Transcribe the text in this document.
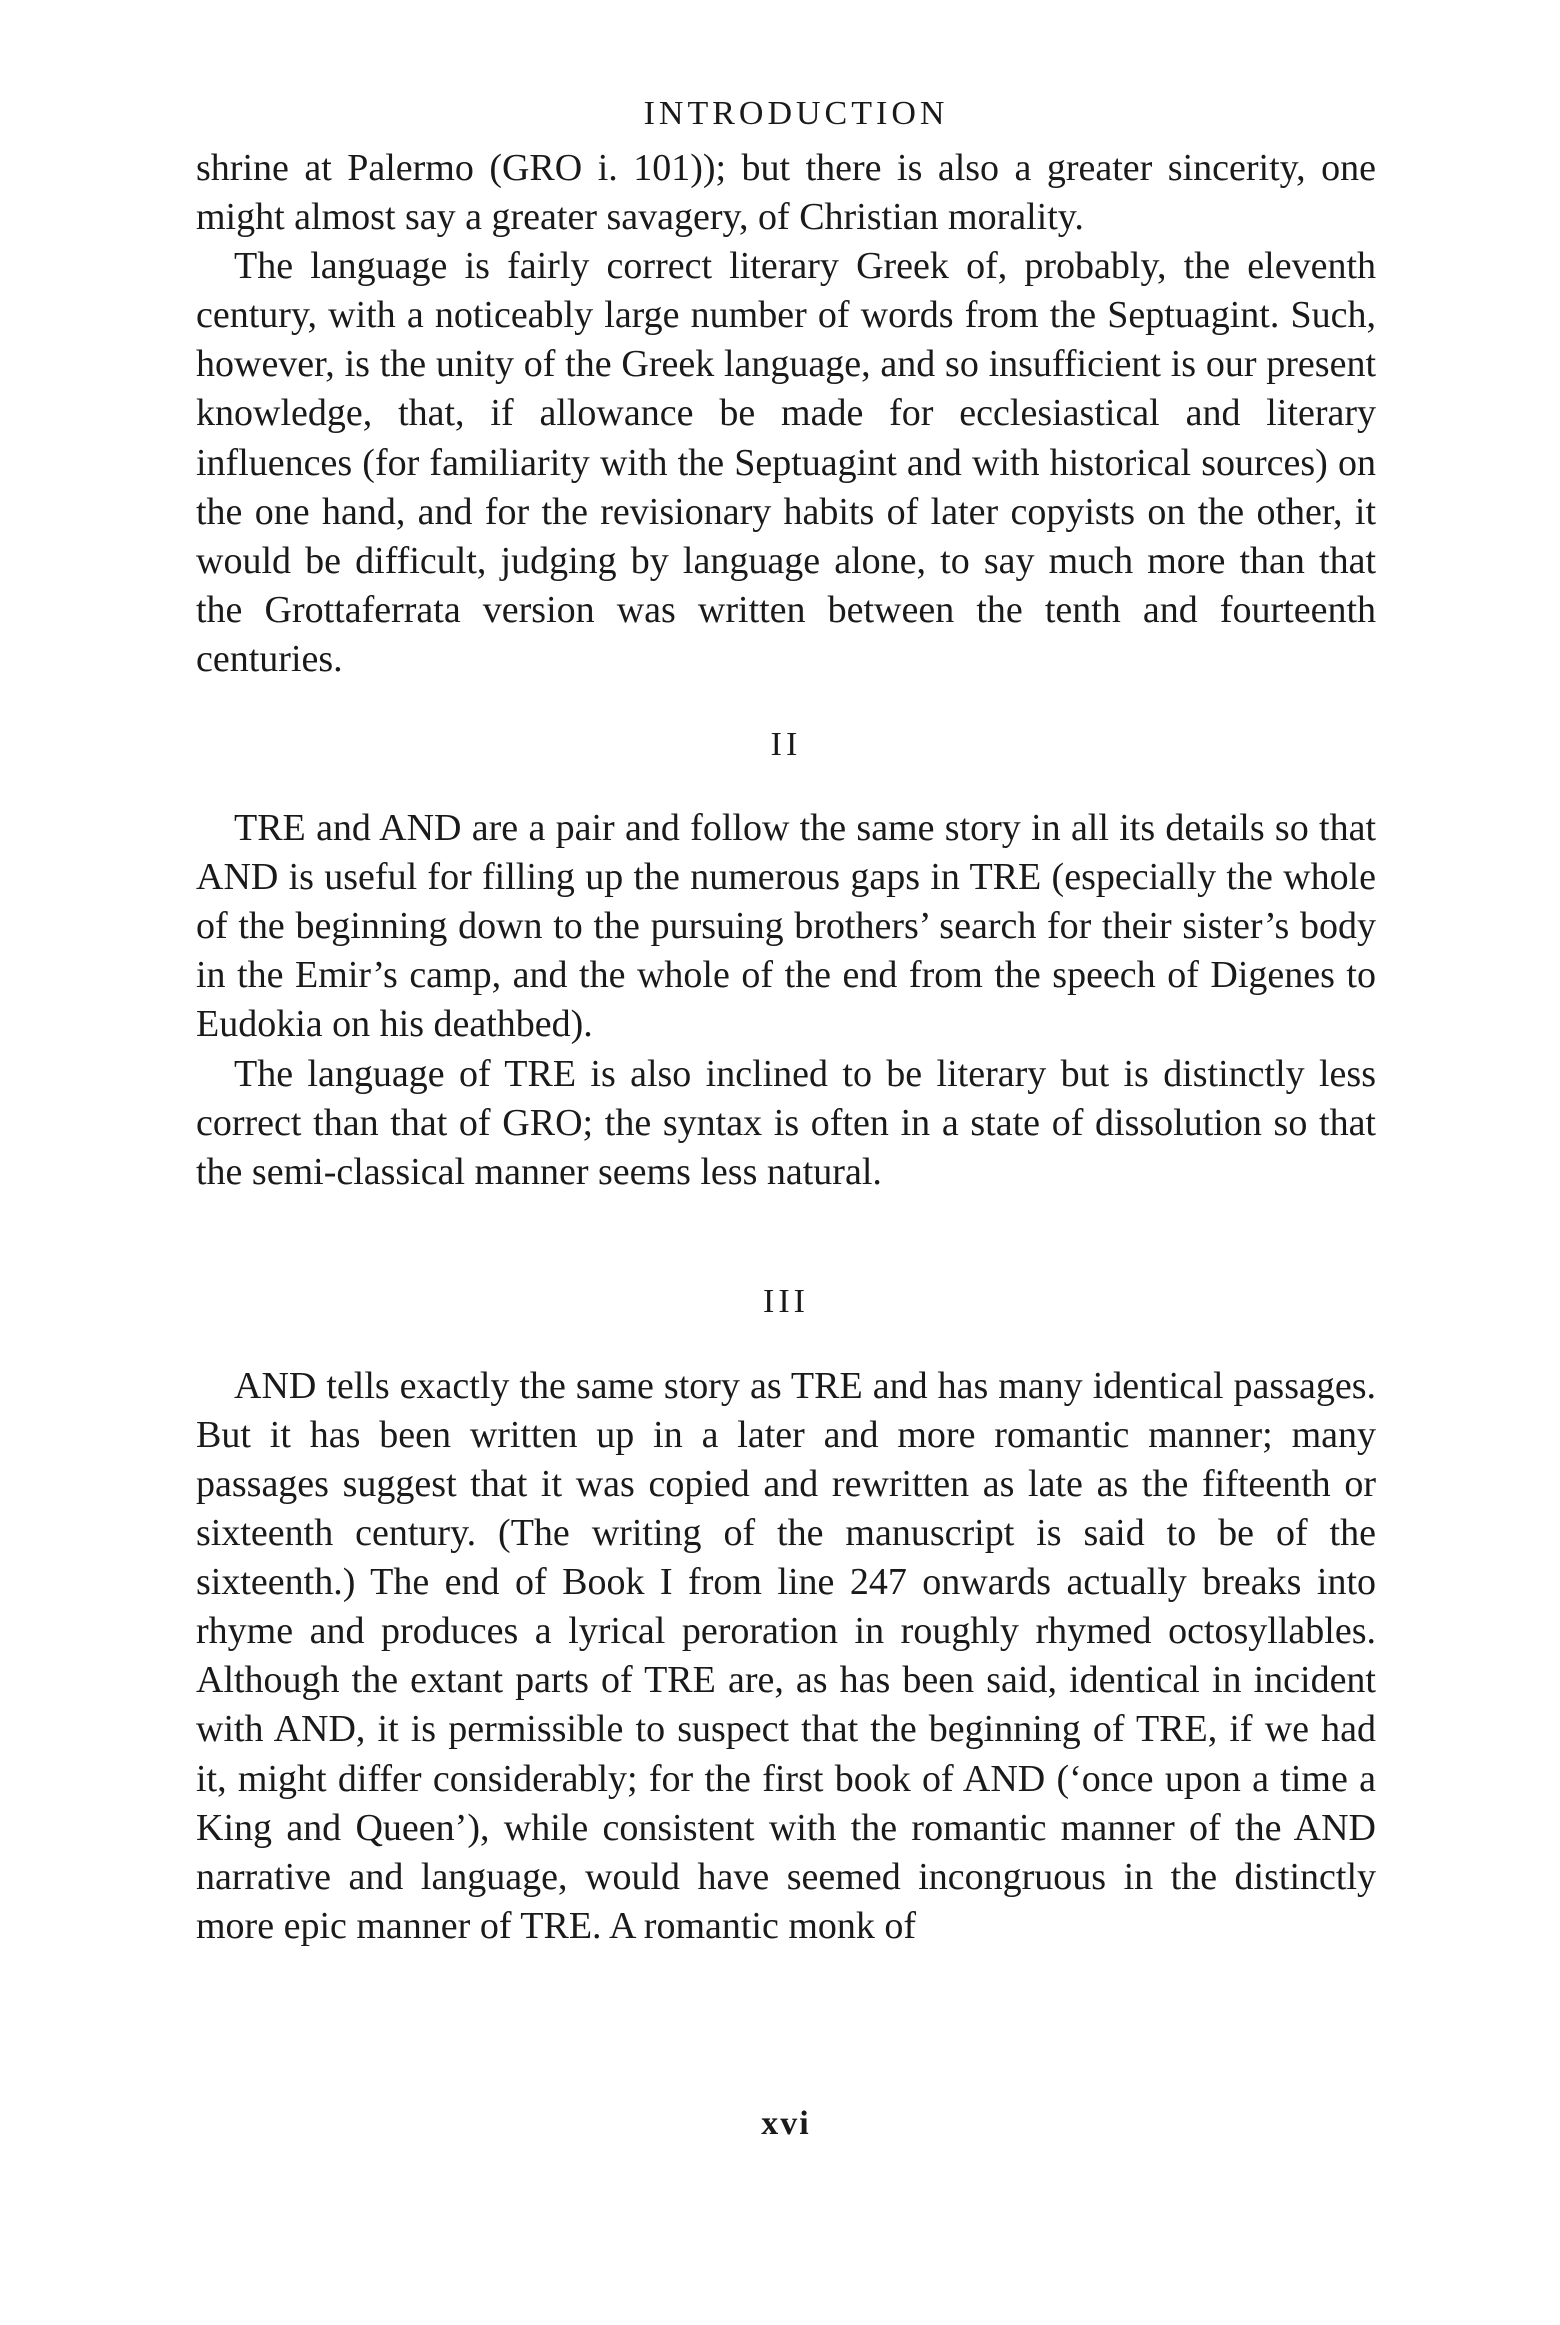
INTRODUCTION

shrine at Palermo (GRO i. 101)); but there is also a greater sincerity, one might almost say a greater savagery, of Christian morality.

The language is fairly correct literary Greek of, probably, the eleventh century, with a noticeably large number of words from the Septuagint. Such, however, is the unity of the Greek language, and so insufficient is our present knowledge, that, if allowance be made for ecclesiastical and literary influences (for familiarity with the Septuagint and with historical sources) on the one hand, and for the revisionary habits of later copyists on the other, it would be difficult, judging by language alone, to say much more than that the Grottaferrata version was written between the tenth and fourteenth centuries.

II

TRE and AND are a pair and follow the same story in all its details so that AND is useful for filling up the numerous gaps in TRE (especially the whole of the beginning down to the pursuing brothers’ search for their sister’s body in the Emir’s camp, and the whole of the end from the speech of Digenes to Eudokia on his deathbed).

The language of TRE is also inclined to be literary but is distinctly less correct than that of GRO; the syntax is often in a state of dissolution so that the semi-classical manner seems less natural.

III

AND tells exactly the same story as TRE and has many identical passages. But it has been written up in a later and more romantic manner; many passages suggest that it was copied and rewritten as late as the fifteenth or sixteenth century. (The writing of the manuscript is said to be of the sixteenth.) The end of Book I from line 247 onwards actually breaks into rhyme and produces a lyrical peroration in roughly rhymed octosyllables. Although the extant parts of TRE are, as has been said, identical in incident with AND, it is permissible to suspect that the beginning of TRE, if we had it, might differ considerably; for the first book of AND (‘once upon a time a King and Queen’), while consistent with the romantic manner of the AND narrative and language, would have seemed incongruous in the distinctly more epic manner of TRE. A romantic monk of

xvi
